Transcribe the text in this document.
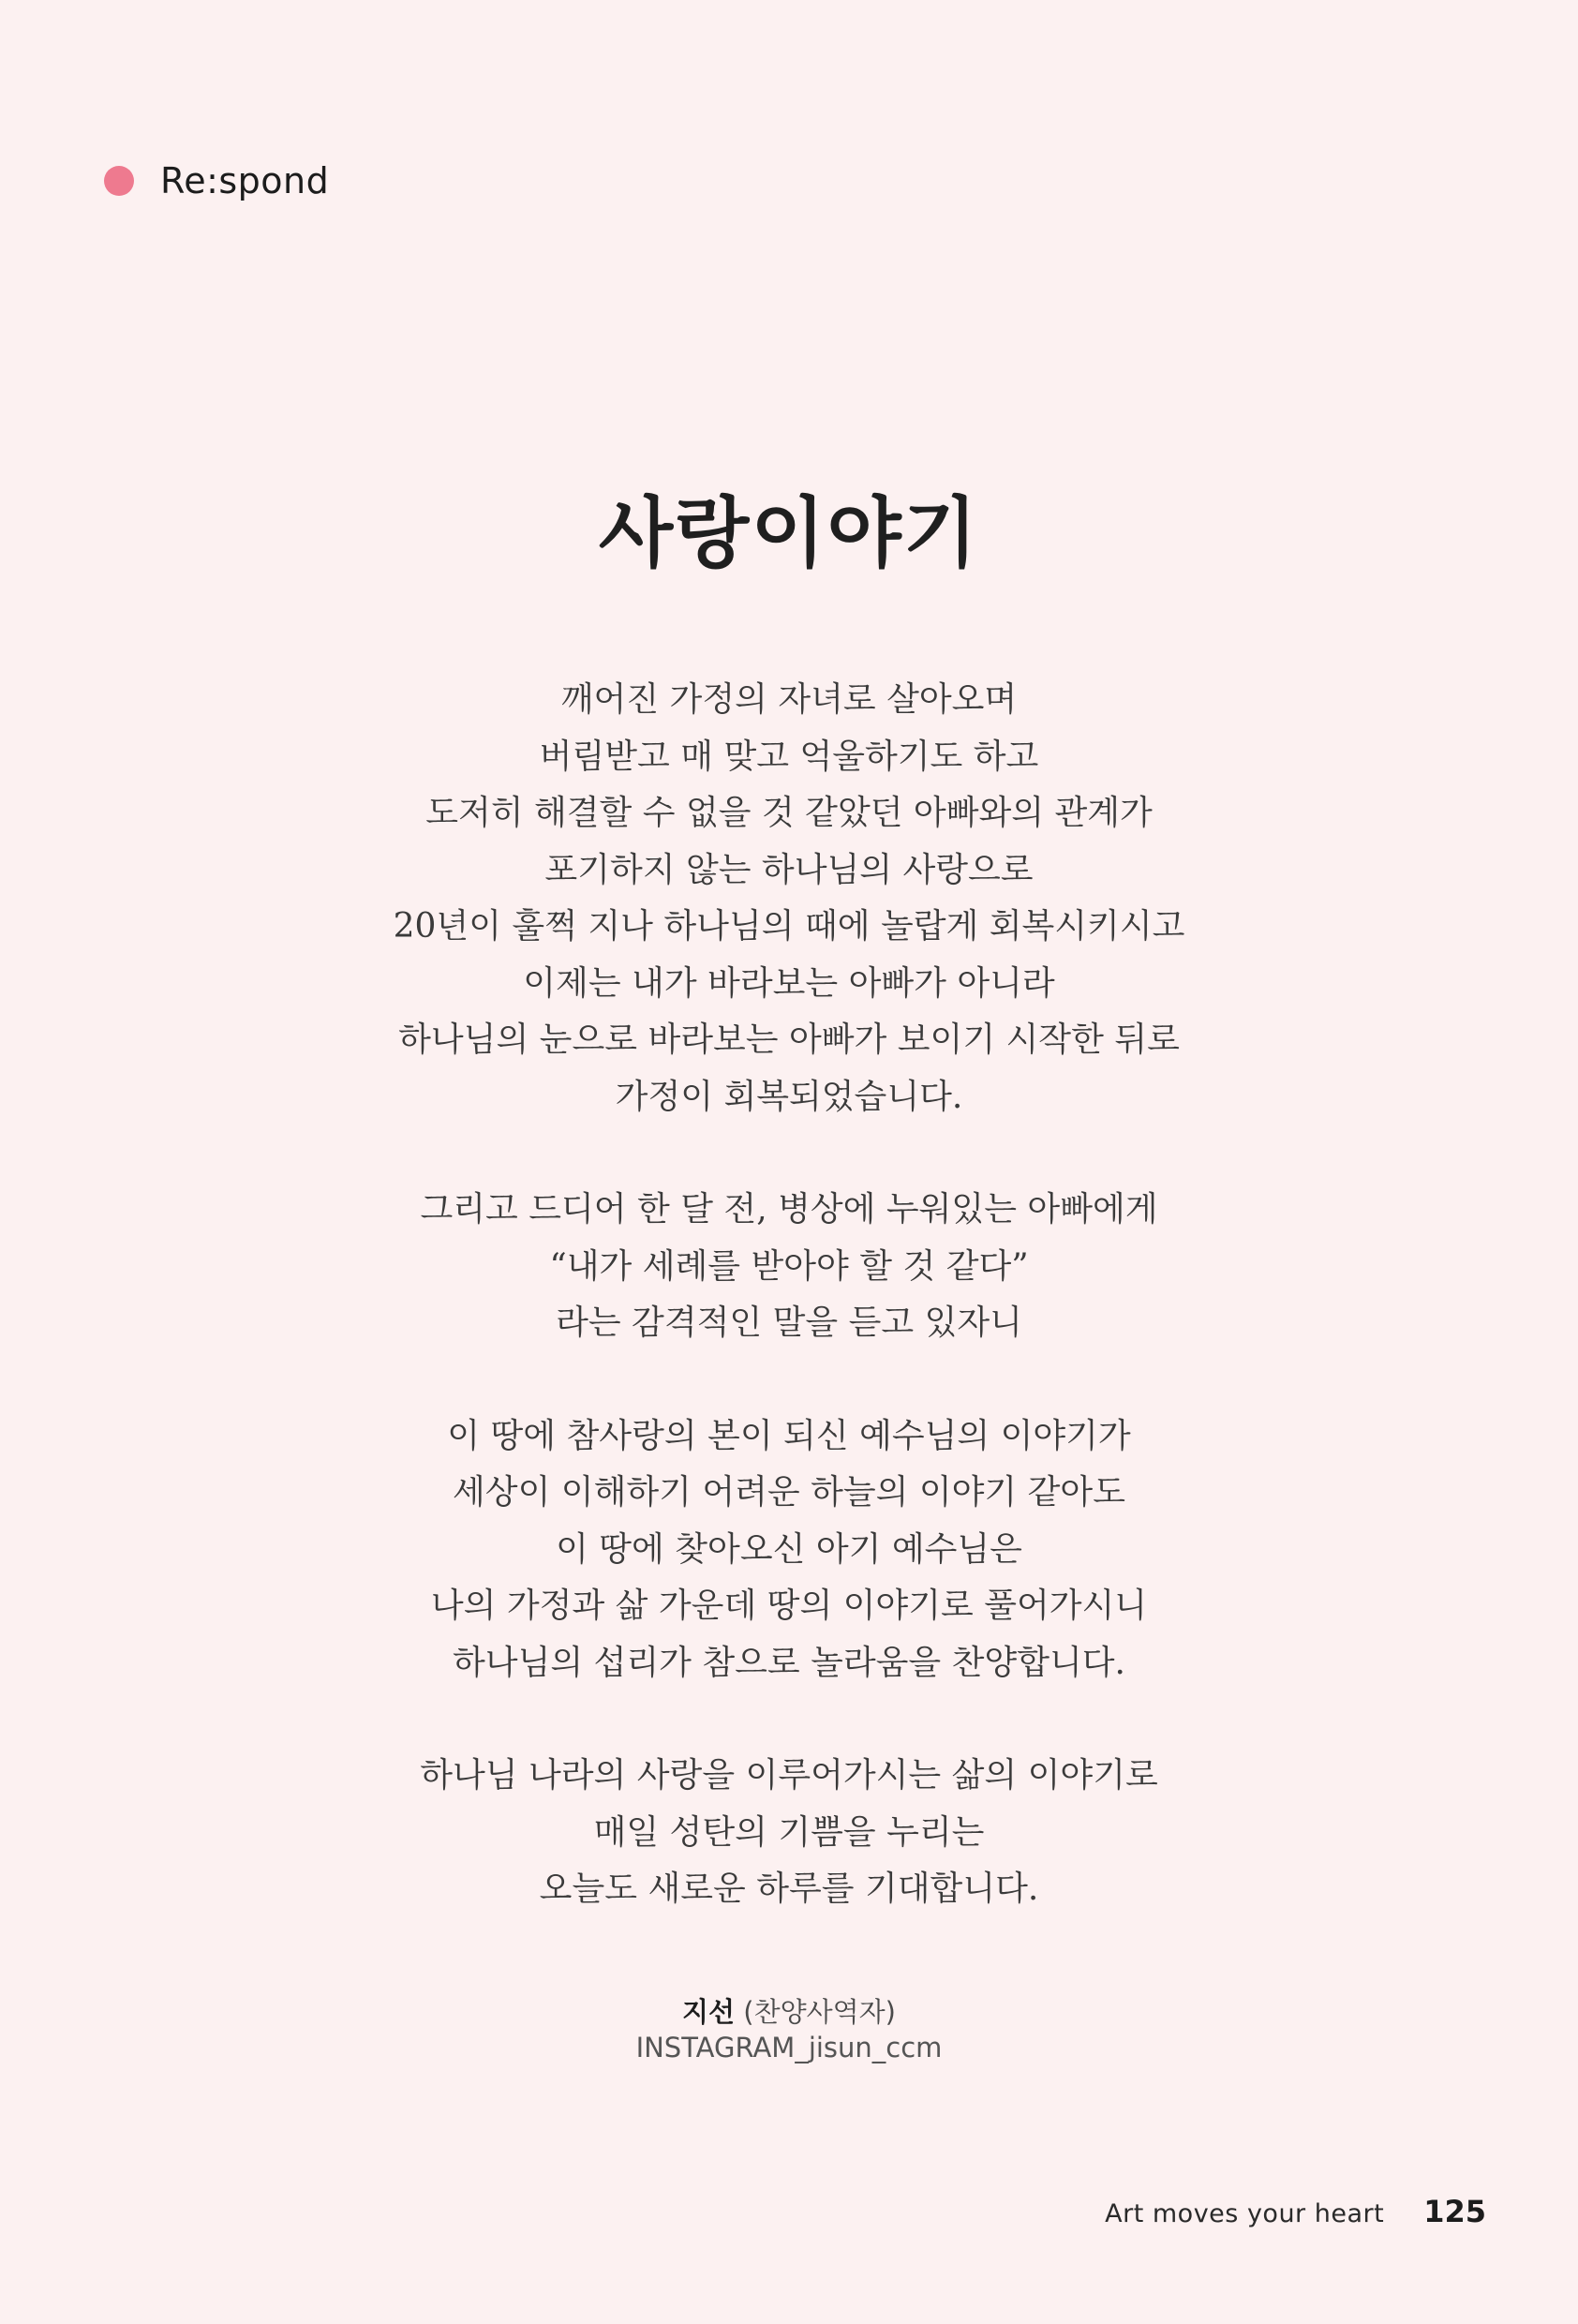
Re:spond
사랑이야기
깨어진 가정의 자녀로 살아오며
버림받고 매 맞고 억울하기도 하고
도저히 해결할 수 없을 것 같았던 아빠와의 관계가
포기하지 않는 하나님의 사랑으로
20년이 훌쩍 지나 하나님의 때에 놀랍게 회복시키시고
이제는 내가 바라보는 아빠가 아니라
하나님의 눈으로 바라보는 아빠가 보이기 시작한 뒤로
가정이 회복되었습니다.
그리고 드디어 한 달 전, 병상에 누워있는 아빠에게
“내가 세례를 받아야 할 것 같다”
라는 감격적인 말을 듣고 있자니
이 땅에 참사랑의 본이 되신 예수님의 이야기가
세상이 이해하기 어려운 하늘의 이야기 같아도
이 땅에 찾아오신 아기 예수님은
나의 가정과 삶 가운데 땅의 이야기로 풀어가시니
하나님의 섭리가 참으로 놀라움을 찬양합니다.
하나님 나라의 사랑을 이루어가시는 삶의 이야기로
매일 성탄의 기쁨을 누리는
오늘도 새로운 하루를 기대합니다.
지선 (찬양사역자)
INSTAGRAM_jisun_ccm
Art moves your heart 125
